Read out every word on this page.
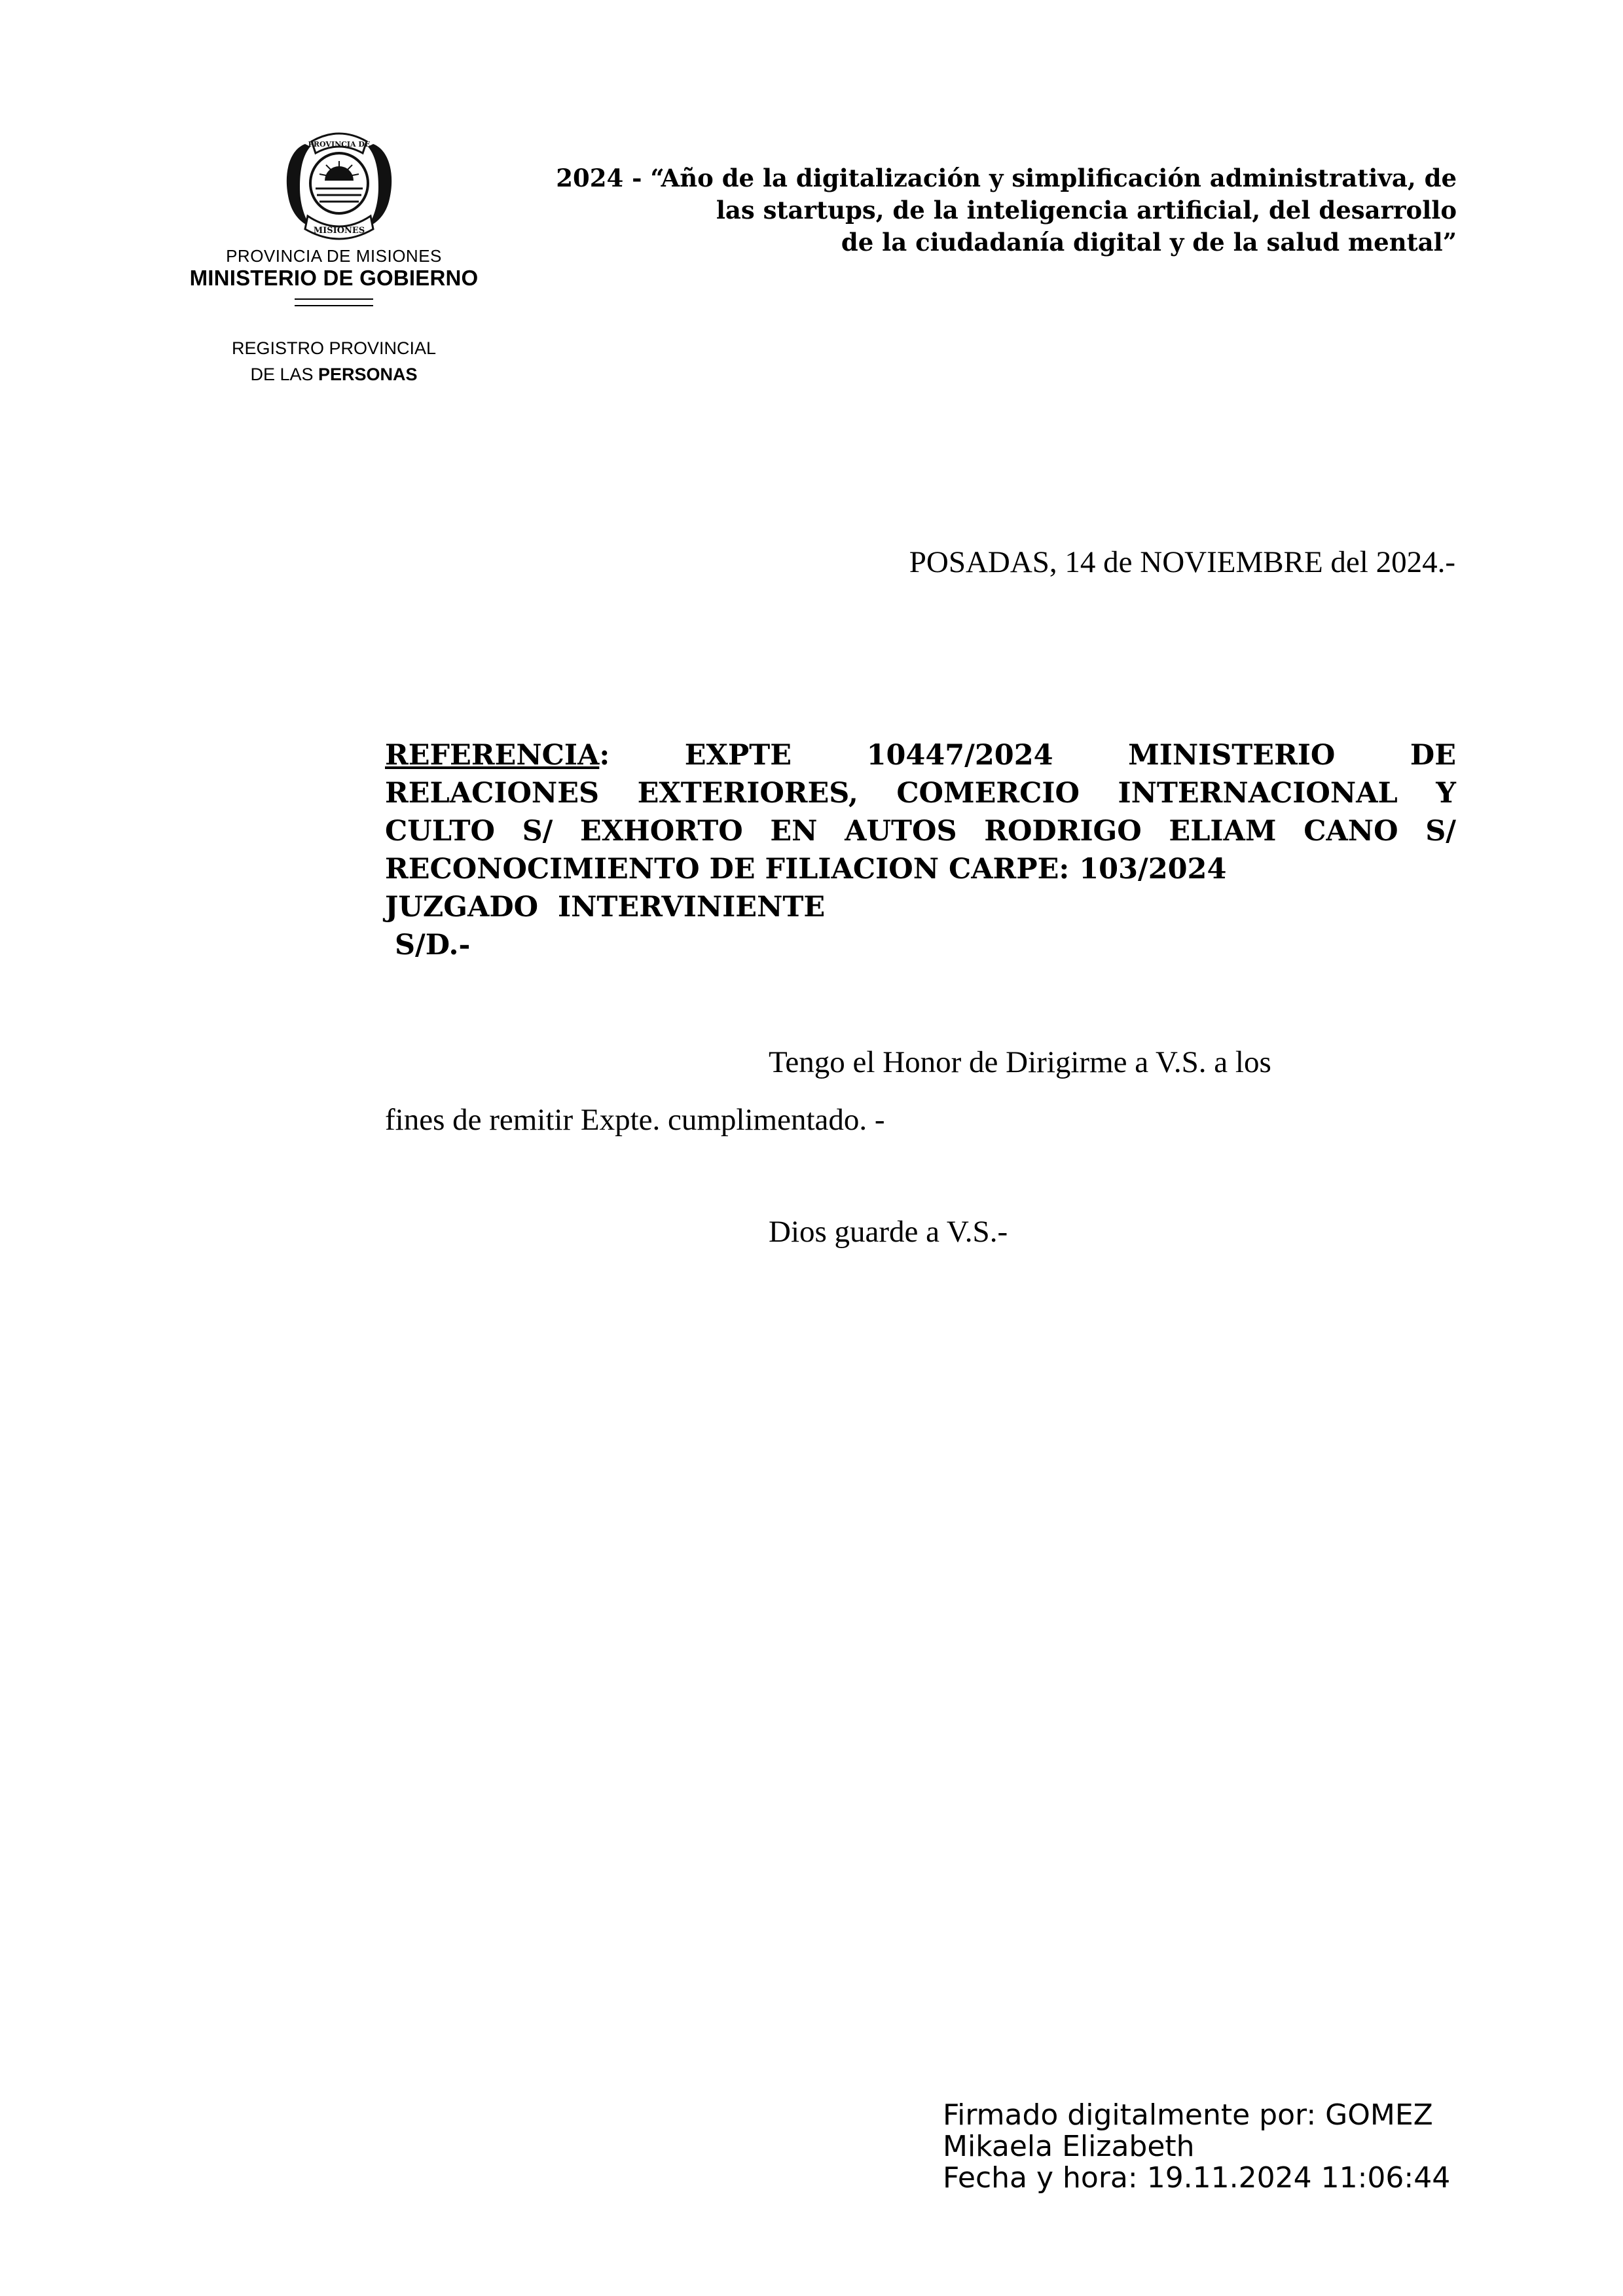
PROVINCIA DE
MISIONES
PROVINCIA DE MISIONES
MINISTERIO DE GOBIERNO
REGISTRO PROVINCIAL
DE LAS PERSONAS
2024 - “Año de la digitalización y simplificación administrativa, de
las startups, de la inteligencia artificial, del desarrollo
de la ciudadanía digital y de la salud mental”
POSADAS, 14 de NOVIEMBRE del 2024.-
REFERENCIA: EXPTE 10447/2024 MINISTERIO DE
RELACIONES EXTERIORES, COMERCIO INTERNACIONAL Y
CULTO S/ EXHORTO EN AUTOS RODRIGO ELIAM CANO S/
RECONOCIMIENTO DE FILIACION CARPE: 103/2024
JUZGADO  INTERVINIENTE
S/D.-
Tengo el Honor de Dirigirme a V.S. a los
fines de remitir Expte. cumplimentado. -
Dios guarde a V.S.-
Firmado digitalmente por: GOMEZ
Mikaela Elizabeth
Fecha y hora: 19.11.2024 11:06:44
